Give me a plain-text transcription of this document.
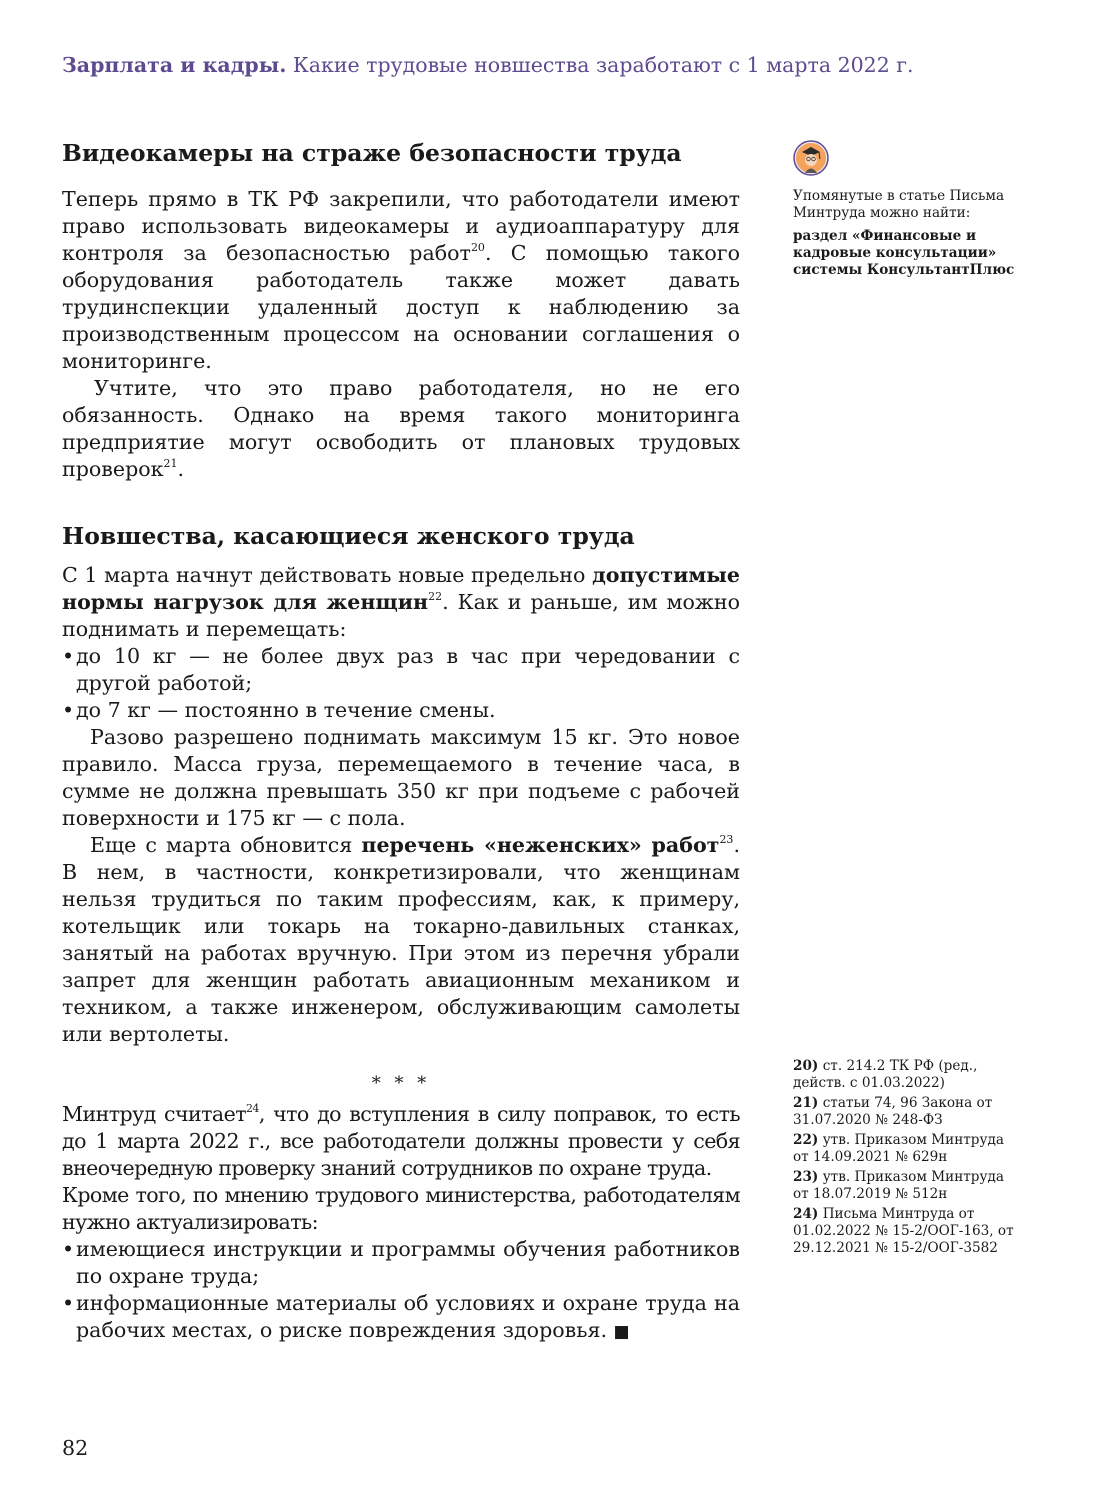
Зарплата и кадры. Какие трудовые новшества заработают с 1 марта 2022 г.
Видеокамеры на страже безопасности труда

Теперь прямо в ТК РФ закрепили, что работодатели имеют право использовать видеокамеры и аудиоаппаратуру для контроля за безопасностью работ$^{20}$. С помощью такого оборудования работодатель также может давать трудинспекции удаленный доступ к наблюдению за производственным процессом на основании соглашения о мониторинге.

Учтите, что это право работодателя, но не его обязанность. Однако на время такого мониторинга предприятие могут освободить от плановых трудовых проверок$^{21}$.

Новшества, касающиеся женского труда

С 1 марта начнут действовать новые предельно допустимые нормы нагрузок для женщин$^{22}$. Как и раньше, им можно поднимать и перемещать:

• до 10 кг — не более двух раз в час при чередовании с другой работой;
• до 7 кг — постоянно в течение смены.

Разово разрешено поднимать максимум 15 кг. Это новое правило. Масса груза, перемещаемого в течение часа, в сумме не должна превышать 350 кг при подъеме с рабочей поверхности и 175 кг — с пола.

Еще с марта обновится перечень «неженских» работ$^{23}$. В нем, в частности, конкретизировали, что женщинам нельзя трудиться по таким профессиям, как, к примеру, котельщик или токарь на токарно-давильных станках, занятый на работах вручную. При этом из перечня убрали запрет для женщин работать авиационным механиком и техником, а также инженером, обслуживающим самолеты или вертолеты.

* * *

Минтруд считает$^{24}$, что до вступления в силу поправок, то есть до 1 марта 2022 г., все работодатели должны провести у себя внеочередную проверку знаний сотрудников по охране труда.

Кроме того, по мнению трудового министерства, работодателям нужно актуализировать:

• имеющиеся инструкции и программы обучения работников по охране труда;
• информационные материалы об условиях и охране труда на рабочих местах, о риске повреждения здоровья. ■
Упомянутые в статье Письма Минтруда можно найти:
раздел «Финансовые и кадровые консультации» системы КонсультантПлюс
20) ст. 214.2 ТК РФ (ред., действ. с 01.03.2022)
21) статьи 74, 96 Закона от 31.07.2020 № 248-ФЗ
22) утв. Приказом Минтруда от 14.09.2021 № 629н
23) утв. Приказом Минтруда от 18.07.2019 № 512н
24) Письма Минтруда от 01.02.2022 № 15-2/ООГ-163, от 29.12.2021 № 15-2/ООГ-3582
82
